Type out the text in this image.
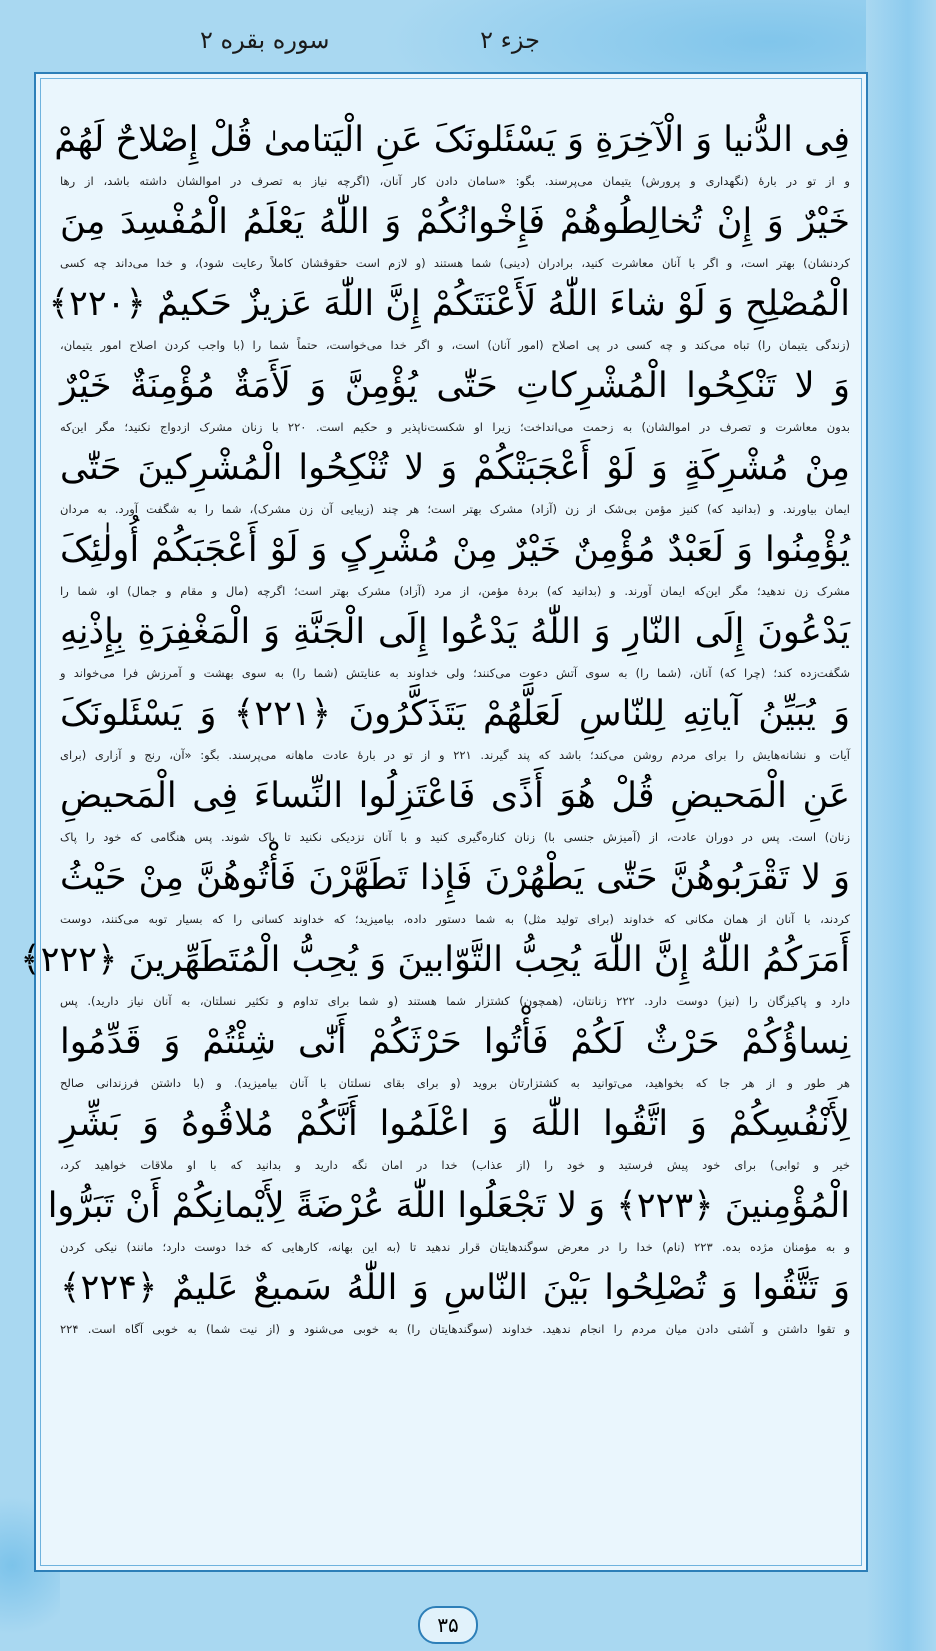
جزء ۲
سوره بقره ۲
فِی الدُّنیا وَ الْآخِرَةِ وَ یَسْئَلونَکَ عَنِ الْیَتامیٰ قُلْ إِصْلاحٌ لَهُمْ
و از تو در بارهٔ (نگهداری و پرورش) یتیمان می‌پرسند. بگو: «سامان دادن کار آنان، (اگرچه نیاز به تصرف در اموالشان داشته باشد، از رها
خَیْرٌ وَ إِنْ تُخالِطُوهُمْ فَإِخْوانُکُمْ وَ اللّٰهُ یَعْلَمُ الْمُفْسِدَ مِنَ
کردنشان) بهتر است، و اگر با آنان معاشرت کنید، برادران (دینی) شما هستند (و لازم است حقوقشان کاملاً رعایت شود)، و خدا می‌داند چه کسی
الْمُصْلِحِ وَ لَوْ شاءَ اللّٰهُ لَأَعْنَتَکُمْ إِنَّ اللّٰهَ عَزیزٌ حَکیمٌ ﴿۲۲۰﴾
(زندگی یتیمان را) تباه می‌کند و چه کسی در پی اصلاح (امور آنان) است، و اگر خدا می‌خواست، حتماً شما را (با واجب کردن اصلاح امور یتیمان،
وَ لا تَنْکِحُوا الْمُشْرِکاتِ حَتّٰی یُؤْمِنَّ وَ لَأَمَةٌ مُؤْمِنَةٌ خَیْرٌ
بدون معاشرت و تصرف در اموالشان) به زحمت می‌انداخت؛ زیرا او شکست‌ناپذیر و حکیم است. ۲۲۰ با زنان مشرک ازدواج نکنید؛ مگر این‌که
مِنْ مُشْرِکَةٍ وَ لَوْ أَعْجَبَتْکُمْ وَ لا تُنْکِحُوا الْمُشْرِکینَ حَتّٰی
ایمان بیاورند. و (بدانید که) کنیز مؤمن بی‌شک از زن (آزاد) مشرک بهتر است؛ هر چند (زیبایی آن زن مشرک)، شما را به شگفت آورد. به مردان
یُؤْمِنُوا وَ لَعَبْدٌ مُؤْمِنٌ خَیْرٌ مِنْ مُشْرِکٍ وَ لَوْ أَعْجَبَکُمْ أُولٰئِکَ
مشرک زن ندهید؛ مگر این‌که ایمان آورند. و (بدانید که) بردهٔ مؤمن، از مرد (آزاد) مشرک بهتر است؛ اگرچه (مال و مقام و جمال) او، شما را
یَدْعُونَ إِلَی النّارِ وَ اللّٰهُ یَدْعُوا إِلَی الْجَنَّةِ وَ الْمَغْفِرَةِ بِإِذْنِهِ
شگفت‌زده کند؛ (چرا که) آنان، (شما را) به سوی آتش دعوت می‌کنند؛ ولی خداوند به عنایتش (شما را) به سوی بهشت و آمرزش فرا می‌خواند و
وَ یُبَیِّنُ آیاتِهِ لِلنّاسِ لَعَلَّهُمْ یَتَذَکَّرُونَ ﴿۲۲۱﴾ وَ یَسْئَلونَکَ
آیات و نشانه‌هایش را برای مردم روشن می‌کند؛ باشد که پند گیرند. ۲۲۱ و از تو در بارهٔ عادت ماهانه می‌پرسند. بگو: «آن، رنج و آزاری (برای
عَنِ الْمَحیضِ قُلْ هُوَ أَذًی فَاعْتَزِلُوا النِّساءَ فِی الْمَحیضِ
زنان) است. پس در دوران عادت، از (آمیزش جنسی با) زنان کناره‌گیری کنید و با آنان نزدیکی نکنید تا پاک شوند. پس هنگامی که خود را پاک
وَ لا تَقْرَبُوهُنَّ حَتّٰی یَطْهُرْنَ فَإِذا تَطَهَّرْنَ فَأْتُوهُنَّ مِنْ حَیْثُ
کردند، با آنان از همان مکانی که خداوند (برای تولید مثل) به شما دستور داده، بیامیزید؛ که خداوند کسانی را که بسیار توبه می‌کنند، دوست
أَمَرَکُمُ اللّٰهُ إِنَّ اللّٰهَ یُحِبُّ التَّوّابینَ وَ یُحِبُّ الْمُتَطَهِّرینَ ﴿۲۲۲﴾
دارد و پاکیزگان را (نیز) دوست دارد. ۲۲۲ زنانتان، (همچون) کشتزار شما هستند (و شما برای تداوم و تکثیر نسلتان، به آنان نیاز دارید). پس
نِساؤُکُمْ حَرْثٌ لَکُمْ فَأْتُوا حَرْثَکُمْ أَنّٰی شِئْتُمْ وَ قَدِّمُوا
هر طور و از هر جا که بخواهید، می‌توانید به کشتزارتان بروید (و برای بقای نسلتان با آنان بیامیزید). و (با داشتن فرزندانی صالح
لِأَنْفُسِکُمْ وَ اتَّقُوا اللّٰهَ وَ اعْلَمُوا أَنَّکُمْ مُلاقُوهُ وَ بَشِّرِ
خیر و ثوابی) برای خود پیش فرستید و خود را (از عذاب) خدا در امان نگه دارید و بدانید که با او ملاقات خواهید کرد،
الْمُؤْمِنینَ ﴿۲۲۳﴾ وَ لا تَجْعَلُوا اللّٰهَ عُرْضَةً لِأَیْمانِکُمْ أَنْ تَبَرُّوا
و به مؤمنان مژده بده. ۲۲۳ (نام) خدا را در معرض سوگندهایتان قرار ندهید تا (به این بهانه، کارهایی که خدا دوست دارد؛ مانند) نیکی کردن
وَ تَتَّقُوا وَ تُصْلِحُوا بَیْنَ النّاسِ وَ اللّٰهُ سَمیعٌ عَلیمٌ ﴿۲۲۴﴾
و تقوا داشتن و آشتی دادن میان مردم را انجام ندهید. خداوند (سوگندهایتان را) به خوبی می‌شنود و (از نیت شما) به خوبی آگاه است. ۲۲۴
۳۵
